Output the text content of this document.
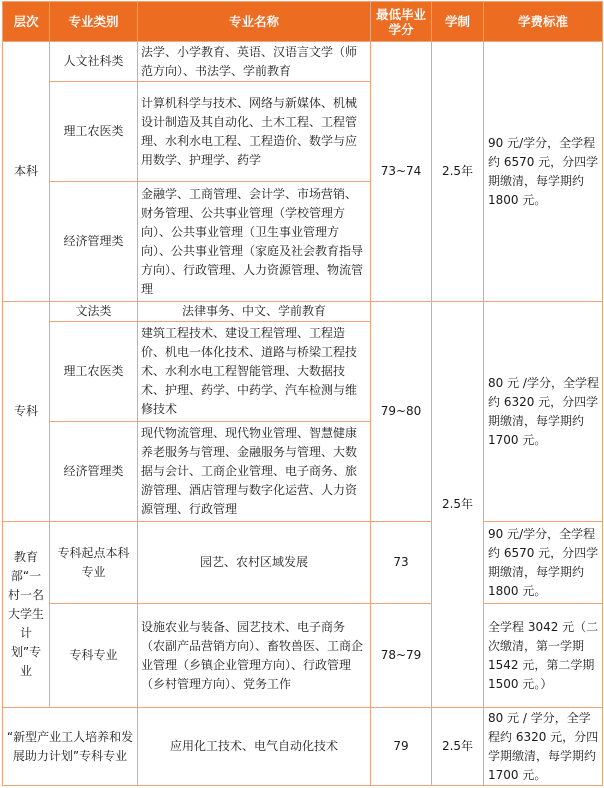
层次	专业类别	专业名称	最低毕业学分	学制	学费标准
本科	人文社科类	法学、小学教育、英语、汉语言文学（师范方向）、书法学、学前教育	73~74	2.5年	90 元/学分，全学程约 6570 元，分四学期缴清，每学期约 1800 元。
	理工农医类	计算机科学与技术、网络与新媒体、机械设计制造及其自动化、土木工程、工程管理、水利水电工程、工程造价、数学与应用数学、护理学、药学			
	经济管理类	金融学、工商管理、会计学、市场营销、财务管理、公共事业管理（学校管理方向）、公共事业管理（卫生事业管理方向）、公共事业管理（家庭及社会教育指导方向）、行政管理、人力资源管理、物流管理			
专科	文法类	法律事务、中文、学前教育	79~80	2.5年	80 元 /学分，全学程约 6320 元，分四学期缴清，每学期约 1700 元。
	理工农医类	建筑工程技术、建设工程管理、工程造价、机电一体化技术、道路与桥梁工程技术、水利水电工程智能管理、大数据技术、护理、药学、中药学、汽车检测与维修技术			
	经济管理类	现代物流管理、现代物业管理、智慧健康养老服务与管理、金融服务与管理、大数据与会计、工商企业管理、电子商务、旅游管理、酒店管理与数字化运营、人力资源管理、行政管理			
教育部“一村一名大学生计划”专业	专科起点本科专业	园艺、农村区域发展	73		90 元/学分，全学程约 6570 元，分四学期缴清，每学期约 1800 元。
	专科专业	设施农业与装备、园艺技术、电子商务（农副产品营销方向）、畜牧兽医、工商企业管理（乡镇企业管理方向）、行政管理（乡村管理方向）、党务工作	78~79		全学程 3042 元（二次缴清，第一学期 1542 元，第二学期 1500 元。）
“新型产业工人培养和发展助力计划”专科专业		应用化工技术、电气自动化技术	79	2.5年	80 元 / 学分，全学程约 6320 元，分四学期缴清，每学期约 1700 元。
